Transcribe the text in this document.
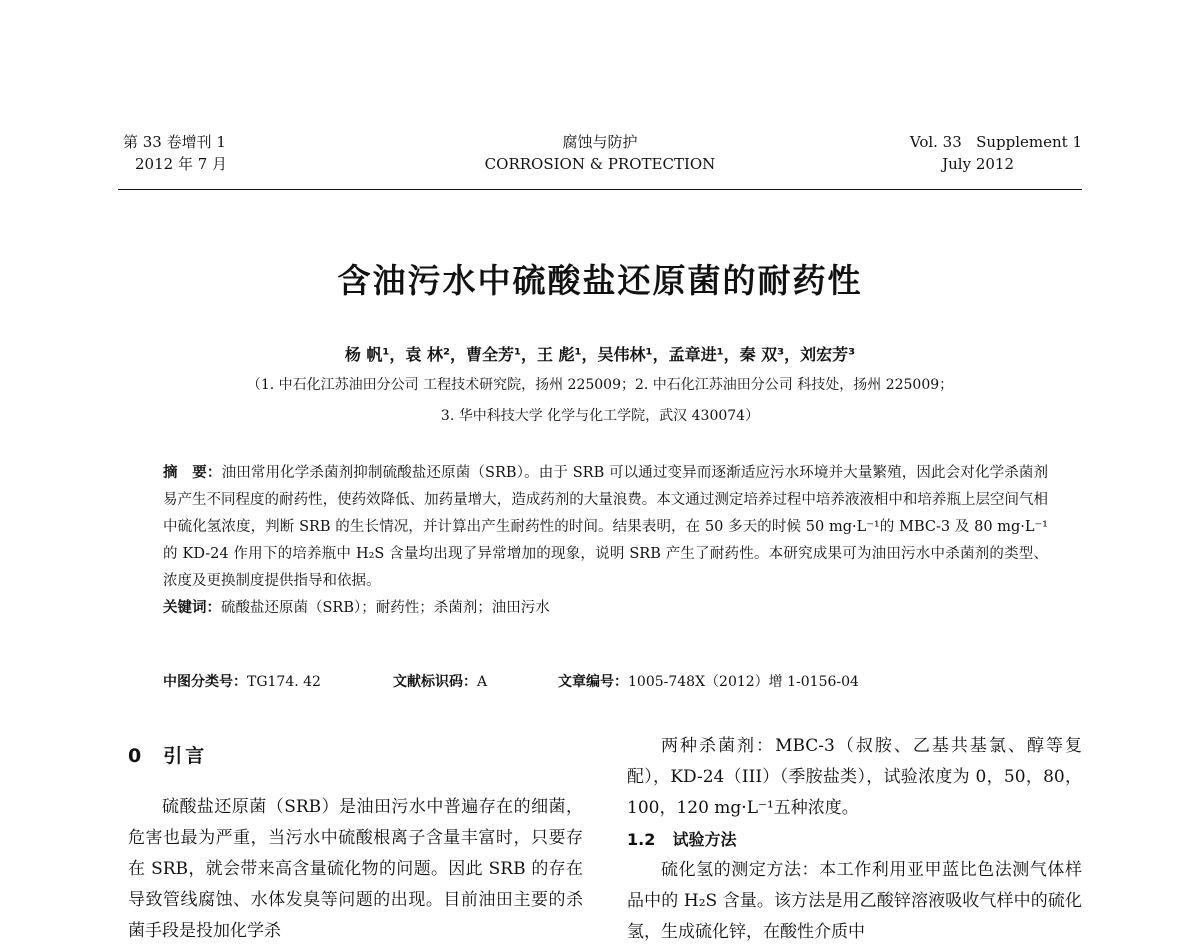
第 33 卷增刊 1
2012 年 7 月
腐蚀与防护
CORROSION & PROTECTION
Vol. 33   Supplement 1
July 2012
含油污水中硫酸盐还原菌的耐药性
杨 帆¹，袁 林²，曹全芳¹，王 彪¹，吴伟林¹，孟章进¹，秦 双³，刘宏芳³
（1. 中石化江苏油田分公司 工程技术研究院，扬州 225009；2. 中石化江苏油田分公司 科技处，扬州 225009；
3. 华中科技大学 化学与化工学院，武汉 430074）

摘　要：油田常用化学杀菌剂抑制硫酸盐还原菌（SRB）。由于 SRB 可以通过变异而逐渐适应污水环境并大量繁殖，因此会对化学杀菌剂易产生不同程度的耐药性，使药效降低、加药量增大，造成药剂的大量浪费。本文通过测定培养过程中培养液液相中和培养瓶上层空间气相中硫化氢浓度，判断 SRB 的生长情况，并计算出产生耐药性的时间。结果表明，在 50 多天的时候 50 mg·L⁻¹的 MBC-3 及 80 mg·L⁻¹的 KD-24 作用下的培养瓶中 H₂S 含量均出现了异常增加的现象，说明 SRB 产生了耐药性。本研究成果可为油田污水中杀菌剂的类型、浓度及更换制度提供指导和依据。

关键词：硫酸盐还原菌（SRB）；耐药性；杀菌剂；油田污水

中图分类号：TG174. 42	文献标识码：A	文章编号：1005-748X（2012）增 1-0156-04
0 引言

硫酸盐还原菌（SRB）是油田污水中普遍存在的细菌，危害也最为严重，当污水中硫酸根离子含量丰富时，只要存在 SRB，就会带来高含量硫化物的问题。因此 SRB 的存在导致管线腐蚀、水体发臭等问题的出现。目前油田主要的杀菌手段是投加化学杀

两种杀菌剂：MBC-3（叔胺、乙基共基氯、醇等复配），KD-24（III）（季胺盐类），试验浓度为 0，50，80，100，120 mg·L⁻¹五种浓度。

1.2 试验方法

硫化氢的测定方法：本工作利用亚甲蓝比色法测气体样品中的 H₂S 含量。该方法是用乙酸锌溶液吸收气样中的硫化氢，生成硫化锌，在酸性介质中
